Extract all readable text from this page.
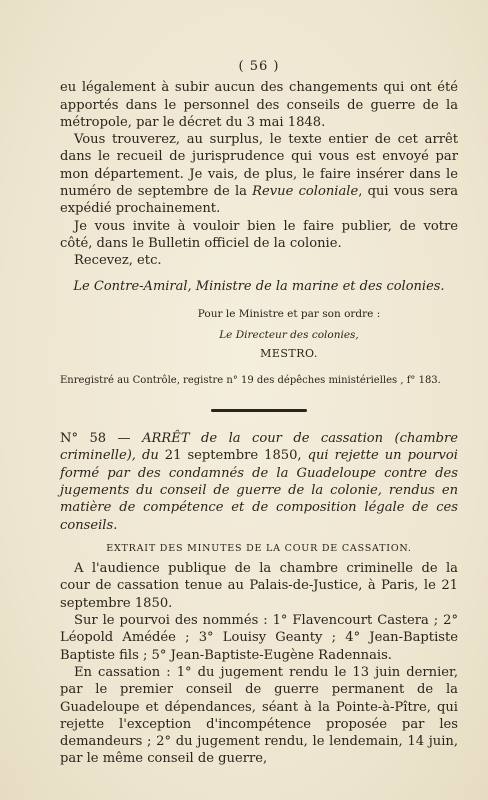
( 56 )

eu légalement à subir aucun des changements qui ont été apportés dans le personnel des conseils de guerre de la métropole, par le décret du 3 mai 1848.

Vous trouverez, au surplus, le texte entier de cet arrêt dans le recueil de jurisprudence qui vous est envoyé par mon département. Je vais, de plus, le faire insérer dans le numéro de septembre de la Revue coloniale, qui vous sera expédié prochainement.

Je vous invite à vouloir bien le faire publier, de votre côté, dans le Bulletin officiel de la colonie.

Recevez, etc.

Le Contre-Amiral, Ministre de la marine et des colonies.
Pour le Ministre et par son ordre :
Le Directeur des colonies,
MESTRO.
Enregistré au Contrôle, registre n° 19 des dépêches ministérielles , f° 183.

N° 58 — ARRÊT de la cour de cassation (chambre criminelle), du 21 septembre 1850, qui rejette un pourvoi formé par des condamnés de la Guadeloupe contre des jugements du conseil de guerre de la colonie, rendus en matière de compétence et de composition légale de ces conseils.

EXTRAIT DES MINUTES DE LA COUR DE CASSATION.

A l'audience publique de la chambre criminelle de la cour de cassation tenue au Palais-de-Justice, à Paris, le 21 septembre 1850.

Sur le pourvoi des nommés : 1° Flavencourt Castera ; 2° Léopold Amédée ; 3° Louisy Geanty ; 4° Jean-Baptiste Baptiste fils ; 5° Jean-Baptiste-Eugène Radennais.

En cassation : 1° du jugement rendu le 13 juin dernier, par le premier conseil de guerre permanent de la Guadeloupe et dépendances, séant à la Pointe-à-Pître, qui rejette l'exception d'incompétence proposée par les demandeurs ; 2° du jugement rendu, le lendemain, 14 juin, par le même conseil de guerre,
